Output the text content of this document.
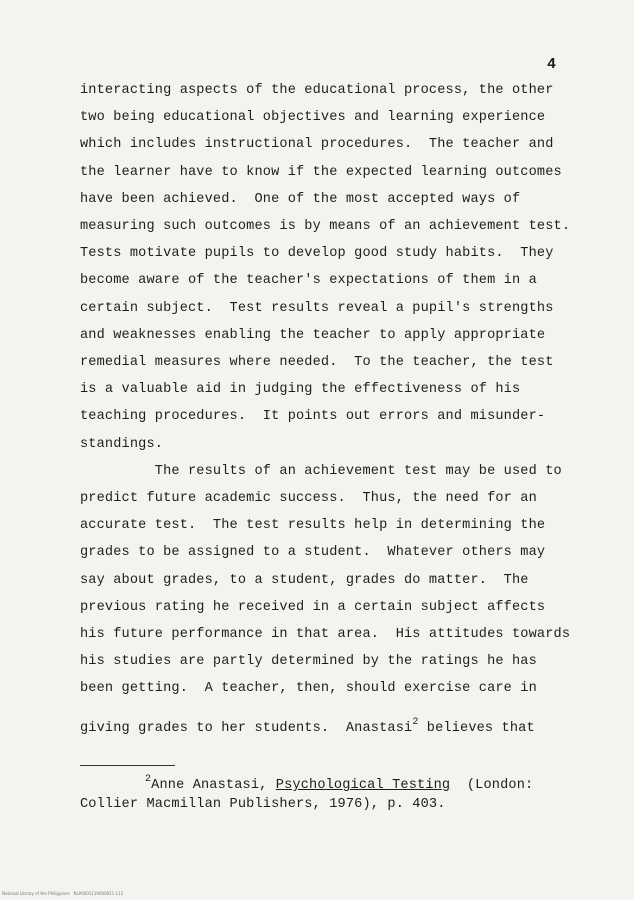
4
interacting aspects of the educational process, the other
two being educational objectives and learning experience
which includes instructional procedures.  The teacher and
the learner have to know if the expected learning outcomes
have been achieved.  One of the most accepted ways of
measuring such outcomes is by means of an achievement test.
Tests motivate pupils to develop good study habits.  They
become aware of the teacher's expectations of them in a
certain subject.  Test results reveal a pupil's strengths
and weaknesses enabling the teacher to apply appropriate
remedial measures where needed.  To the teacher, the test
is a valuable aid in judging the effectiveness of his
teaching procedures.  It points out errors and misunder-
standings.
The results of an achievement test may be used to
predict future academic success.  Thus, the need for an
accurate test.  The test results help in determining the
grades to be assigned to a student.  Whatever others may
say about grades, to a student, grades do matter.  The
previous rating he received in a certain subject affects
his future performance in that area.  His attitudes towards
his studies are partly determined by the ratings he has
been getting.  A teacher, then, should exercise care in
giving grades to her students.  Anastasi$^2$ believes that
$^2$Anne Anastasi, Psychological Testing  (London:
Collier Macmillan Publishers, 1976), p. 403.
National Library of the Philippines   NLP0001119000011 112
